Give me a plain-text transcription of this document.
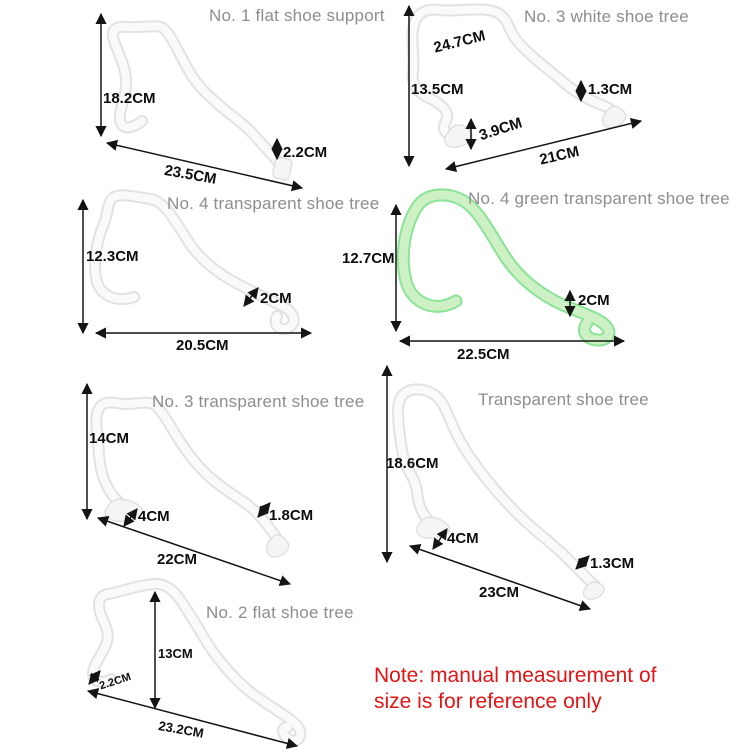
No. 1 flat shoe support
18.2CM
23.5CM
2.2CM
No. 3 white shoe tree
24.7CM
13.5CM	1.3CM
3.9CM
21CM
No. 4 transparent shoe tree
12.3CM
2CM
20.5CM
No. 4 green transparent shoe tree
12.7CM
2CM
22.5CM
No. 3 transparent shoe tree
14CM
4CM	1.8CM
22CM
Transparent shoe tree
18.6CM
4CM
1.3CM
23CM
No. 2 flat shoe tree
13CM
2.2CM
23.2CM
Note: manual measurement of
size is for reference only
